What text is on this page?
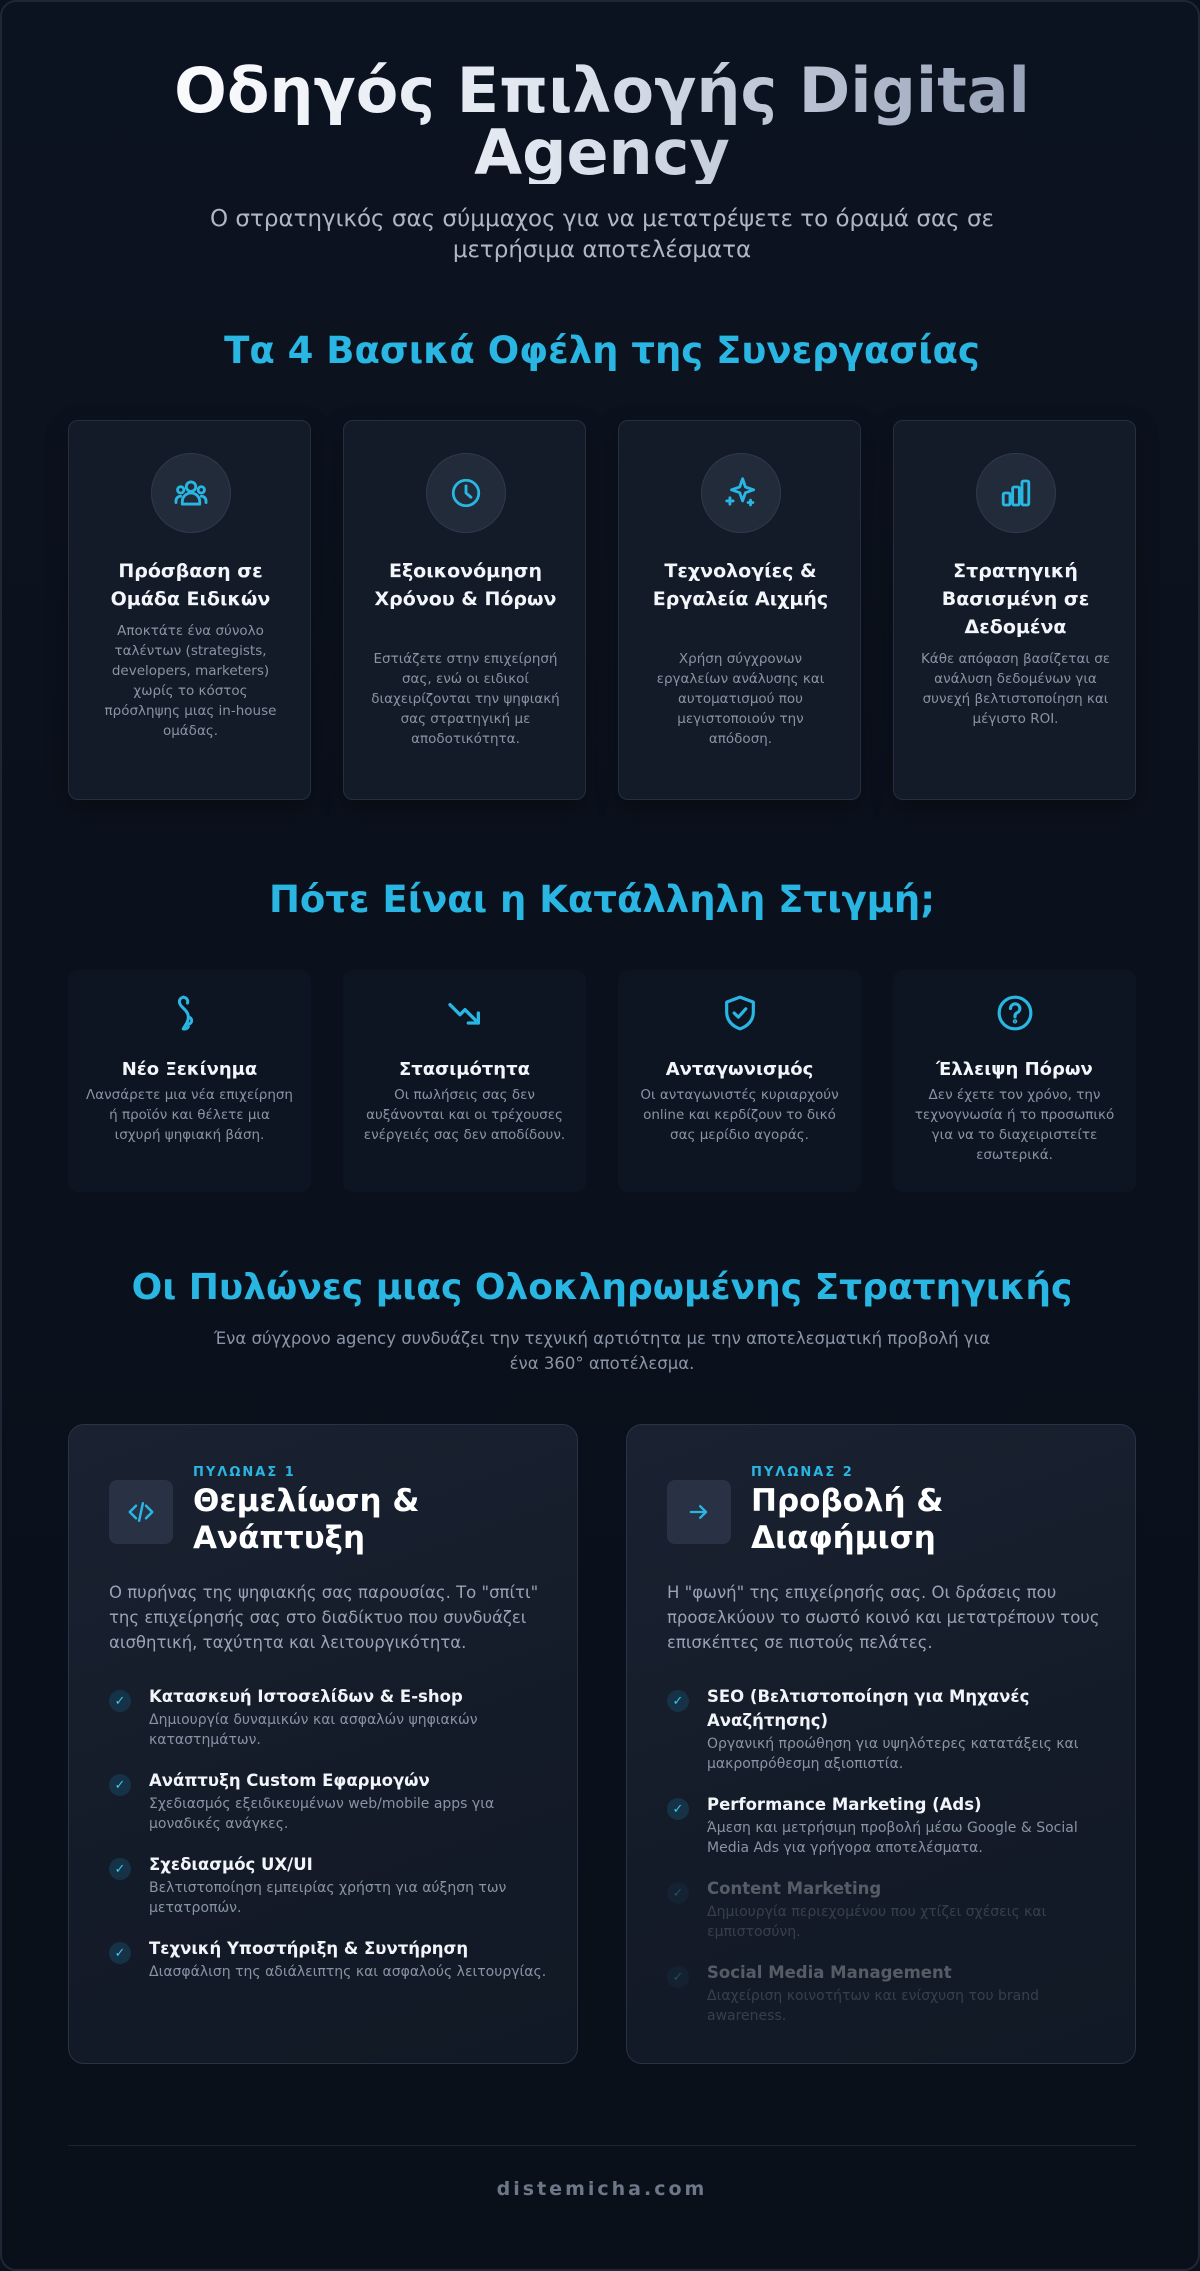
Οδηγός Επιλογής Digital Agency

Ο στρατηγικός σας σύμμαχος για να μετατρέψετε το όραμά σας σε μετρήσιμα αποτελέσματα

Τα 4 Βασικά Οφέλη της Συνεργασίας
Πρόσβαση σε Ομάδα Ειδικών
Αποκτάτε ένα σύνολο ταλέντων (strategists, developers, marketers) χωρίς το κόστος πρόσληψης μιας in-house ομάδας.
Εξοικονόμηση Χρόνου & Πόρων
Εστιάζετε στην επιχείρησή σας, ενώ οι ειδικοί διαχειρίζονται την ψηφιακή σας στρατηγική με αποδοτικότητα.
Τεχνολογίες & Εργαλεία Αιχμής
Χρήση σύγχρονων εργαλείων ανάλυσης και αυτοματισμού που μεγιστοποιούν την απόδοση.
Στρατηγική Βασισμένη σε Δεδομένα
Κάθε απόφαση βασίζεται σε ανάλυση δεδομένων για συνεχή βελτιστοποίηση και μέγιστο ROI.
Πότε Είναι η Κατάλληλη Στιγμή;
Νέο Ξεκίνημα
Λανσάρετε μια νέα επιχείρηση ή προϊόν και θέλετε μια ισχυρή ψηφιακή βάση.
Στασιμότητα
Οι πωλήσεις σας δεν αυξάνονται και οι τρέχουσες ενέργειές σας δεν αποδίδουν.
Ανταγωνισμός
Οι ανταγωνιστές κυριαρχούν online και κερδίζουν το δικό σας μερίδιο αγοράς.
Έλλειψη Πόρων
Δεν έχετε τον χρόνο, την τεχνογνωσία ή το προσωπικό για να το διαχειριστείτε εσωτερικά.
Οι Πυλώνες μιας Ολοκληρωμένης Στρατηγικής

Ένα σύγχρονο agency συνδυάζει την τεχνική αρτιότητα με την αποτελεσματική προβολή για ένα 360° αποτέλεσμα.

ΠΥΛΩΝΑΣ 1
Θεμελίωση & Ανάπτυξη
Ο πυρήνας της ψηφιακής σας παρουσίας. Το "σπίτι" της επιχείρησής σας στο διαδίκτυο που συνδυάζει αισθητική, ταχύτητα και λειτουργικότητα.
✓	Κατασκευή Ιστοσελίδων & E-shop
Δημιουργία δυναμικών και ασφαλών ψηφιακών καταστημάτων.
✓	Ανάπτυξη Custom Εφαρμογών
Σχεδιασμός εξειδικευμένων web/mobile apps για μοναδικές ανάγκες.
✓	Σχεδιασμός UX/UI
Βελτιστοποίηση εμπειρίας χρήστη για αύξηση των μετατροπών.
✓	Τεχνική Υποστήριξη & Συντήρηση
Διασφάλιση της αδιάλειπτης και ασφαλούς λειτουργίας.
ΠΥΛΩΝΑΣ 2
Προβολή & Διαφήμιση
Η "φωνή" της επιχείρησής σας. Οι δράσεις που προσελκύουν το σωστό κοινό και μετατρέπουν τους επισκέπτες σε πιστούς πελάτες.
✓	SEO (Βελτιστοποίηση για Μηχανές Αναζήτησης)
Οργανική προώθηση για υψηλότερες κατατάξεις και μακροπρόθεσμη αξιοπιστία.
✓	Performance Marketing (Ads)
Άμεση και μετρήσιμη προβολή μέσω Google & Social Media Ads για γρήγορα αποτελέσματα.
✓	Content Marketing
Δημιουργία περιεχομένου που χτίζει σχέσεις και εμπιστοσύνη.
✓	Social Media Management
Διαχείριση κοινοτήτων και ενίσχυση του brand awareness.
distemicha.com
